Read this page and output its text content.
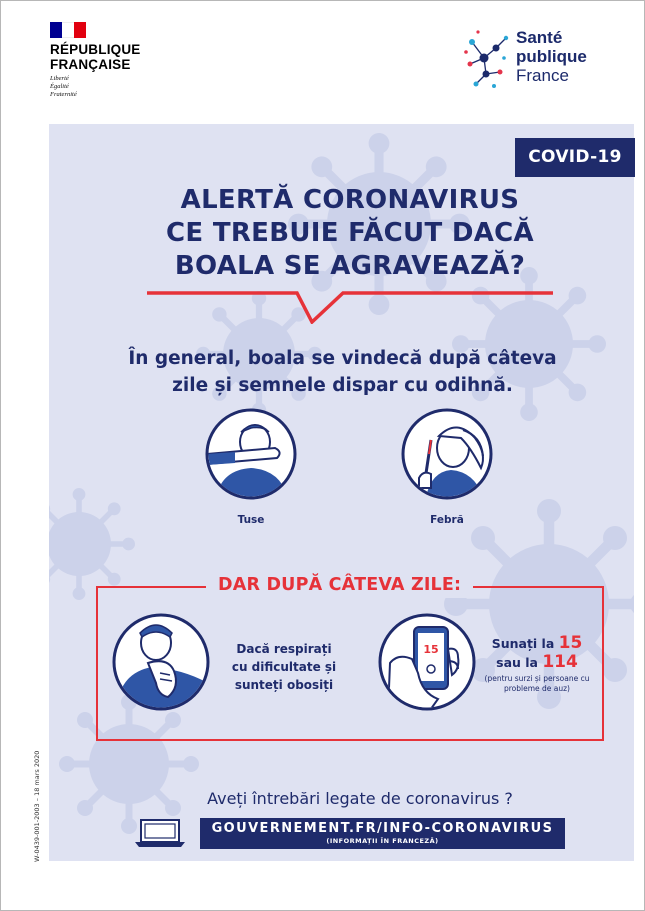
RÉPUBLIQUE
FRANÇAISE
Liberté
Égalité
Fraternité
Santé
publique
France
COVID-19
ALERTĂ CORONAVIRUS
CE TREBUIE FĂCUT DACĂ
BOALA SE AGRAVEAZĂ?
În general, boala se vindecă după câteva
zile și semnele dispar cu odihnă.
Tuse	Febră
DAR DUPĂ CÂTEVA ZILE:
Dacă respirați
cu dificultate și
sunteți obosiți
15	Sunați la 15
sau la 114
(pentru surzi și persoane cu probleme de auz)
Aveți întrebări legate de coronavirus ?
GOUVERNEMENT.FR/INFO-CORONAVIRUS
(INFORMAȚII ÎN FRANCEZĂ)
W-0439-001-2003 – 18 mars 2020
